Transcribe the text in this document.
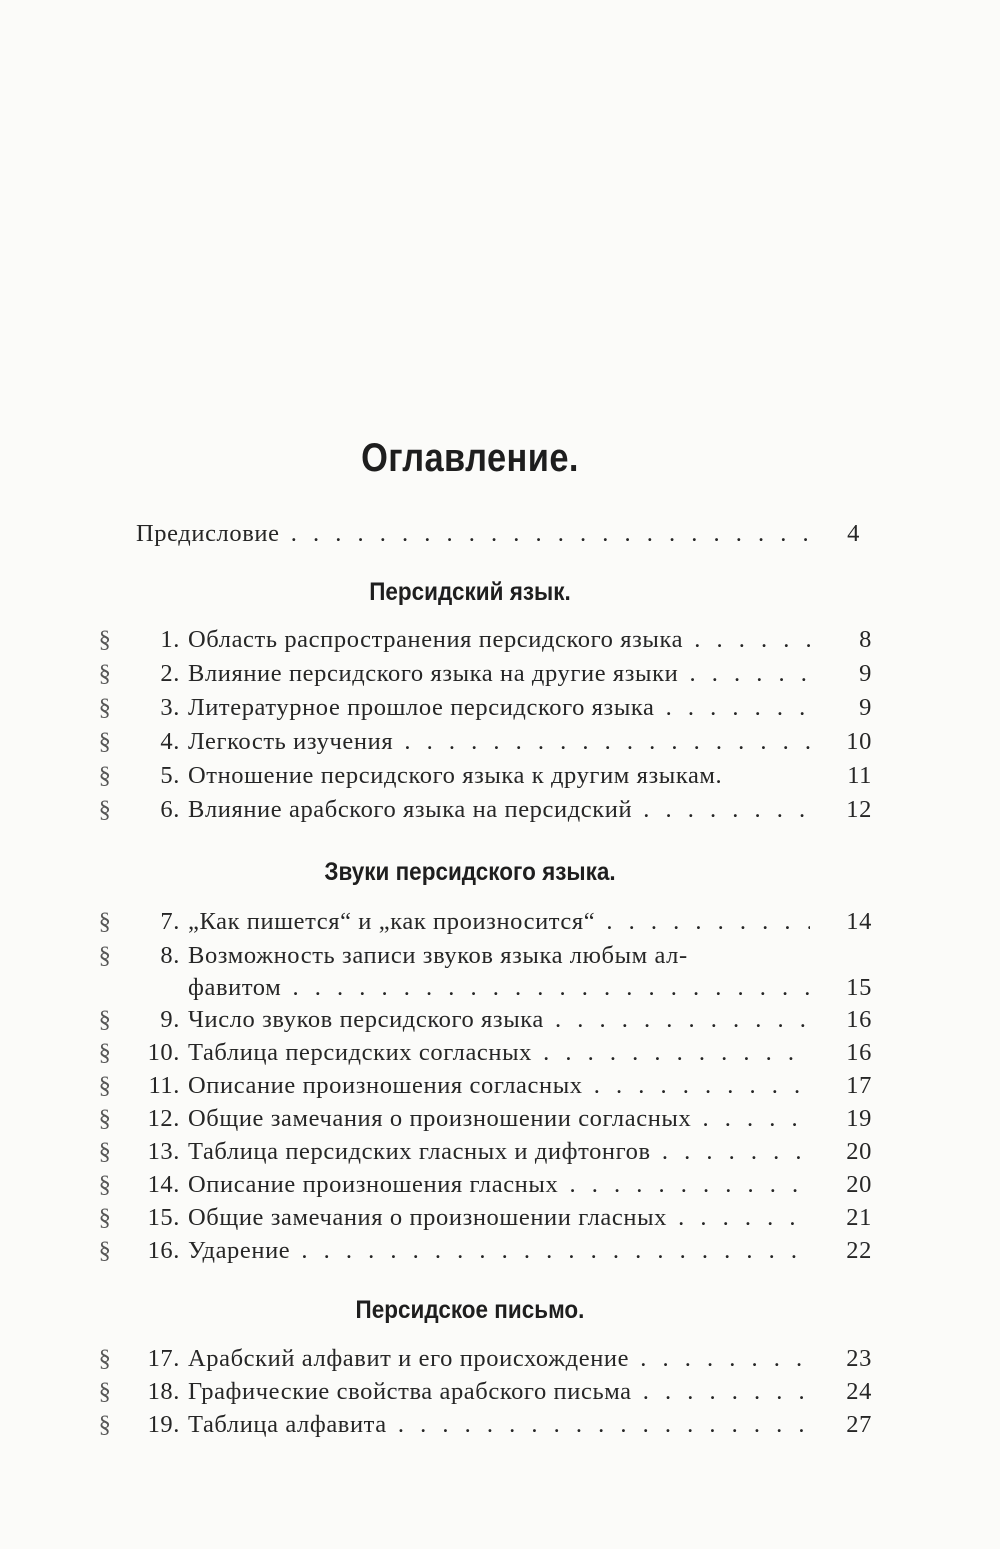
Оглавление.
Предисловие . . .	4
Персидский язык.
§	1. Область распространения персидского языка . . .	8
§	2. Влияние персидского языка на другие языки . . .	9
§	3. Литературное прошлое персидского языка . . .	9
§	4. Легкость изучения . . .	10
§	5. Отношение персидского языка к другим языкам.	11
§	6. Влияние арабского языка на персидский . . .	12
Звуки персидского языка.
§	7. „Как пишется“ и „как произносится“ . . .	14
§	8. Возможность записи звуков языка любым ал-
фавитом . . .	15
§	9. Число звуков персидского языка . . .	16
§	10. Таблица персидских согласных . . .	16
§	11. Описание произношения согласных . . .	17
§	12. Общие замечания о произношении согласных . . .	19
§	13. Таблица персидских гласных и дифтонгов . . .	20
§	14. Описание произношения гласных . . .	20
§	15. Общие замечания о произношении гласных . . .	21
§	16. Ударение . . .	22
Персидское письмо.
§	17. Арабский алфавит и его происхождение . . .	23
§	18. Графические свойства арабского письма . . .	24
§	19. Таблица алфавита . . .	27
